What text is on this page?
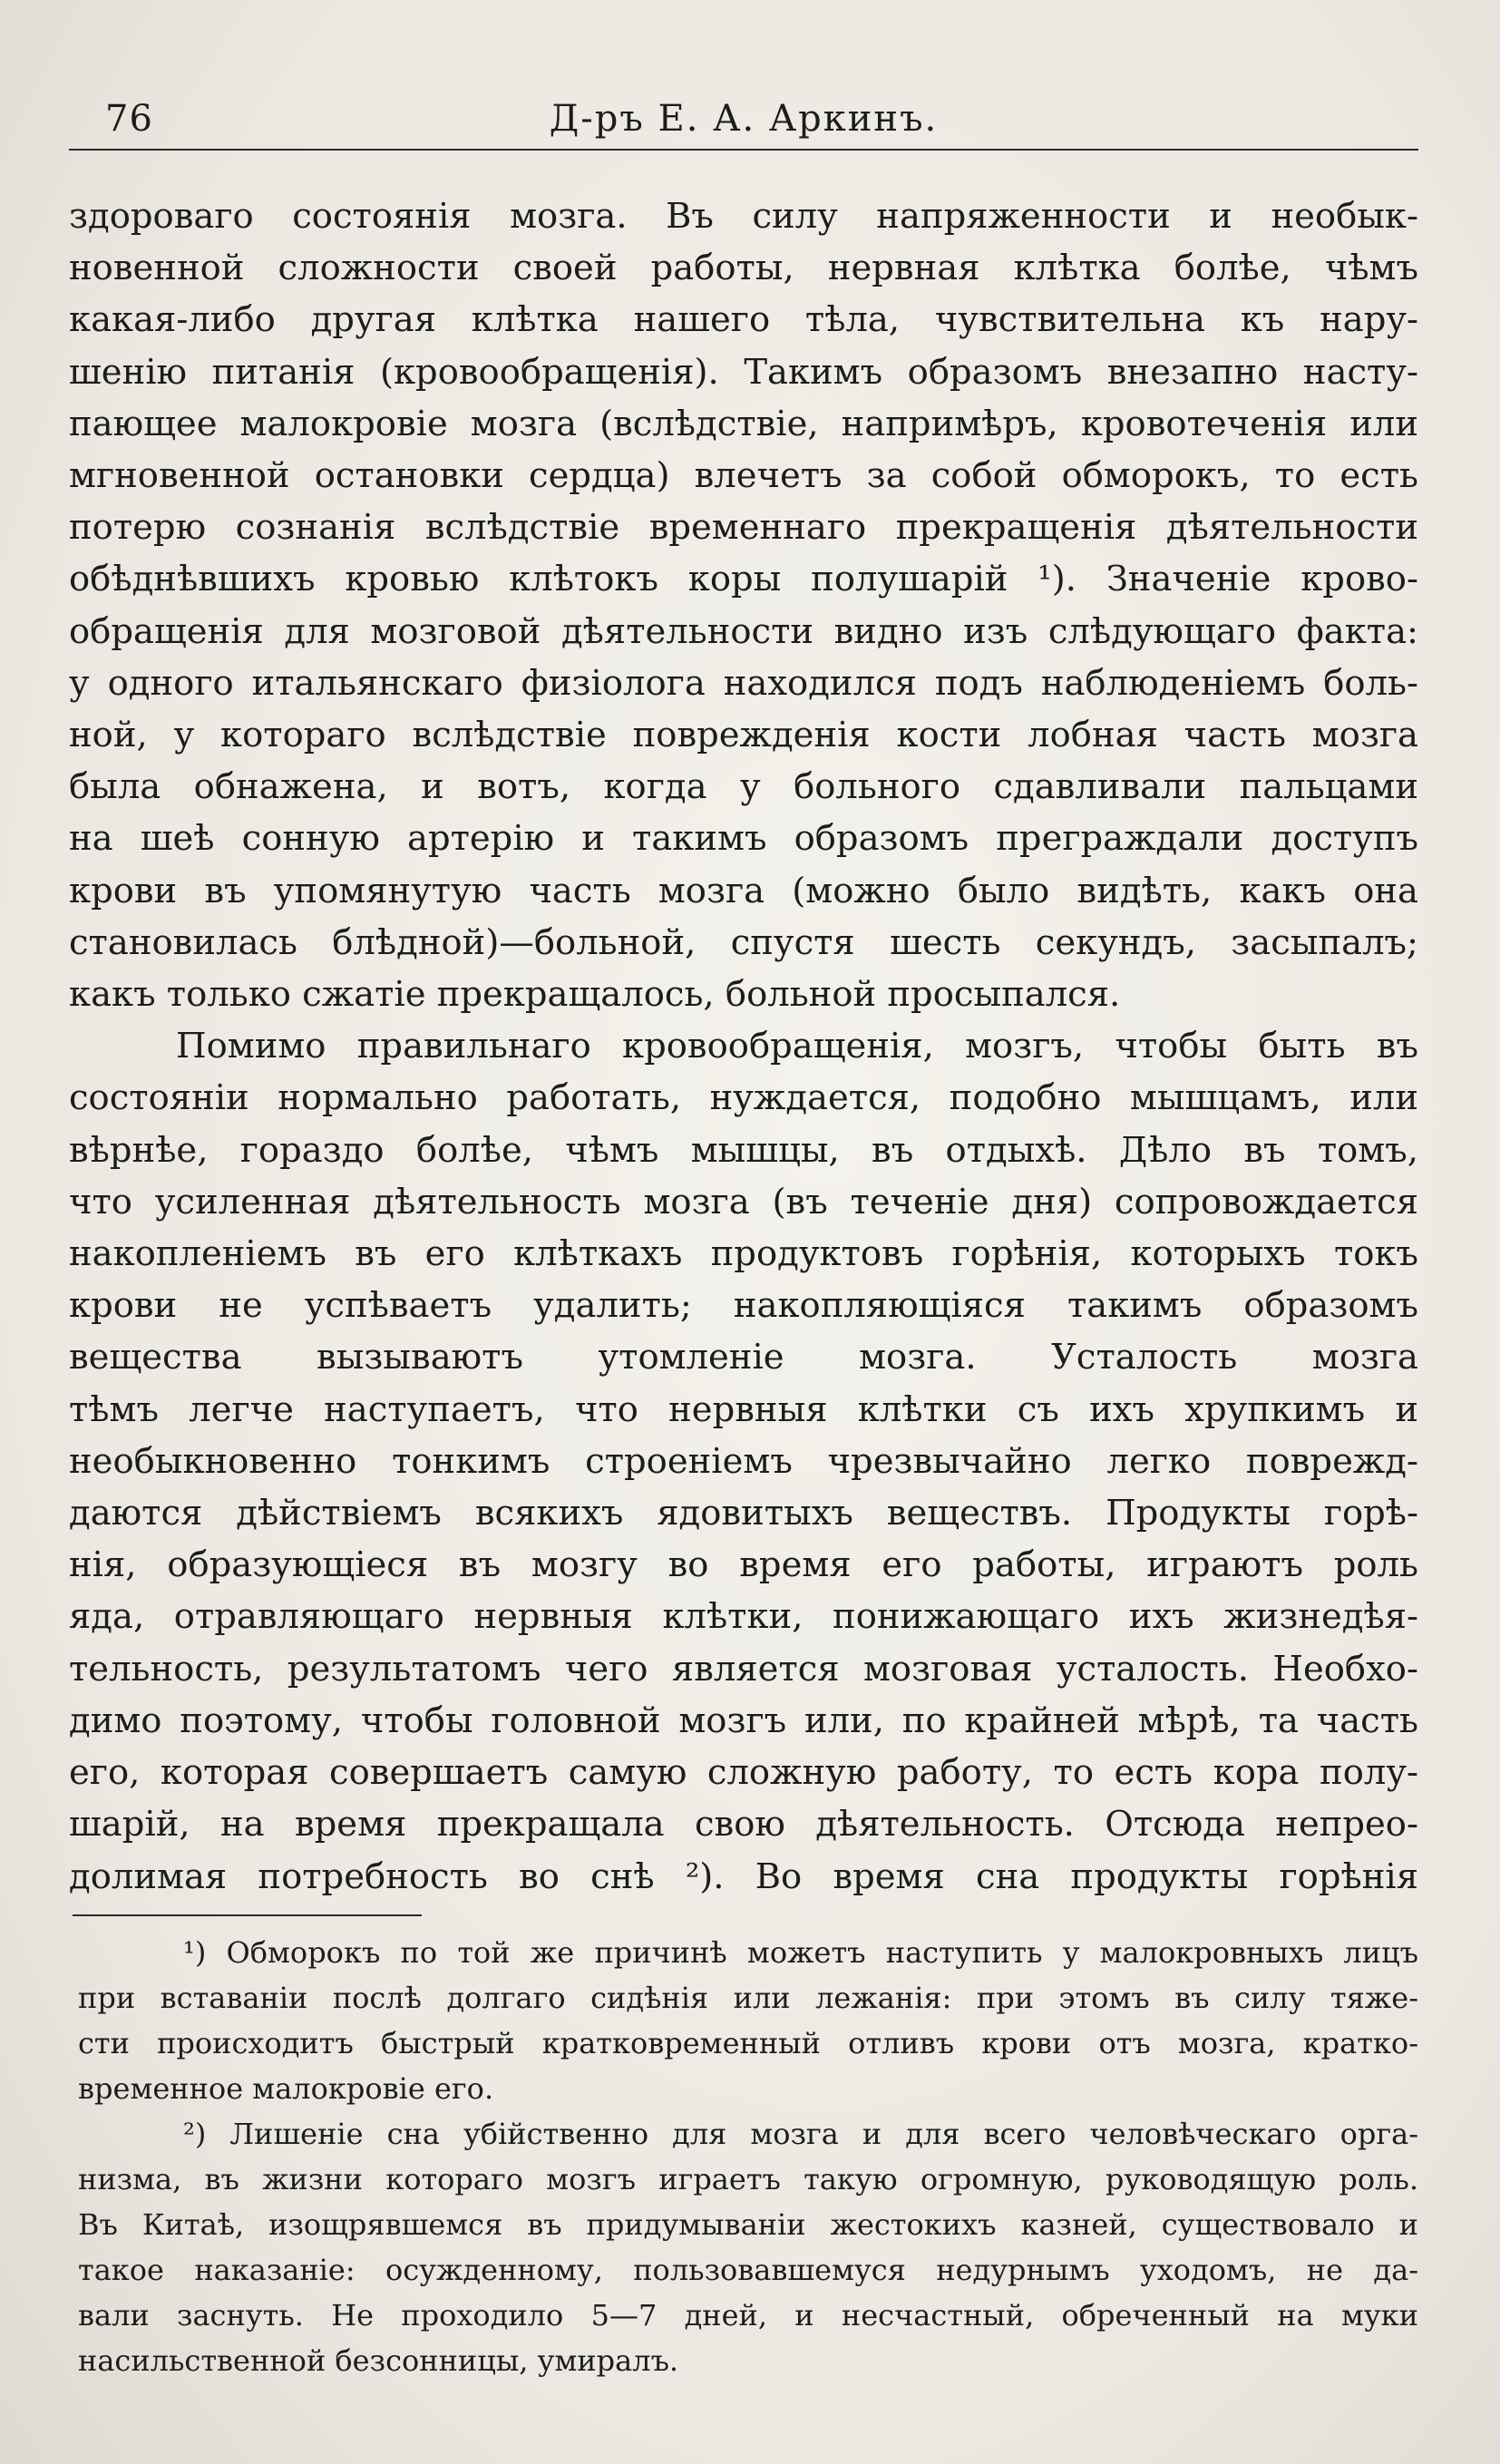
76	Д-ръ Е. А. Аркинъ.
здороваго состоянія мозга. Въ силу напряженности и необык-
новенной сложности своей работы, нервная клѣтка болѣе, чѣмъ
какая-либо другая клѣтка нашего тѣла, чувствительна къ нару-
шенію питанія (кровообращенія). Такимъ образомъ внезапно насту-
пающее малокровіе мозга (вслѣдствіе, напримѣръ, кровотеченія или
мгновенной остановки сердца) влечетъ за собой обморокъ, то есть
потерю сознанія вслѣдствіе временнаго прекращенія дѣятельности
обѣднѣвшихъ кровью клѣтокъ коры полушарій ¹). Значеніе крово-
обращенія для мозговой дѣятельности видно изъ слѣдующаго факта:
у одного итальянскаго физіолога находился подъ наблюденіемъ боль-
ной, у котораго вслѣдствіе поврежденія кости лобная часть мозга
была обнажена, и вотъ, когда у больного сдавливали пальцами
на шеѣ сонную артерію и такимъ образомъ преграждали доступъ
крови въ упомянутую часть мозга (можно было видѣть, какъ она
становилась блѣдной)—больной, спустя шесть секундъ, засыпалъ;
какъ только сжатіе прекращалось, больной просыпался.
Помимо правильнаго кровообращенія, мозгъ, чтобы быть въ
состояніи нормально работать, нуждается, подобно мышцамъ, или
вѣрнѣе, гораздо болѣе, чѣмъ мышцы, въ отдыхѣ. Дѣло въ томъ,
что усиленная дѣятельность мозга (въ теченіе дня) сопровождается
накопленіемъ въ его клѣткахъ продуктовъ горѣнія, которыхъ токъ
крови не успѣваетъ удалить; накопляющіяся такимъ образомъ
вещества вызываютъ утомленіе мозга. Усталость мозга
тѣмъ легче наступаетъ, что нервныя клѣтки съ ихъ хрупкимъ и
необыкновенно тонкимъ строеніемъ чрезвычайно легко поврежд-
даются дѣйствіемъ всякихъ ядовитыхъ веществъ. Продукты горѣ-
нія, образующіеся въ мозгу во время его работы, играютъ роль
яда, отравляющаго нервныя клѣтки, понижающаго ихъ жизнедѣя-
тельность, результатомъ чего является мозговая усталость. Необхо-
димо поэтому, чтобы головной мозгъ или, по крайней мѣрѣ, та часть
его, которая совершаетъ самую сложную работу, то есть кора полу-
шарій, на время прекращала свою дѣятельность. Отсюда непрео-
долимая потребность во снѣ ²). Во время сна продукты горѣнія
¹) Обморокъ по той же причинѣ можетъ наступить у малокровныхъ лицъ
при вставаніи послѣ долгаго сидѣнія или лежанія: при этомъ въ силу тяже-
сти происходитъ быстрый кратковременный отливъ крови отъ мозга, кратко-
временное малокровіе его.
²) Лишеніе сна убійственно для мозга и для всего человѣческаго орга-
низма, въ жизни котораго мозгъ играетъ такую огромную, руководящую роль.
Въ Китаѣ, изощрявшемся въ придумываніи жестокихъ казней, существовало и
такое наказаніе: осужденному, пользовавшемуся недурнымъ уходомъ, не да-
вали заснуть. Не проходило 5—7 дней, и несчастный, обреченный на муки
насильственной безсонницы, умиралъ.
